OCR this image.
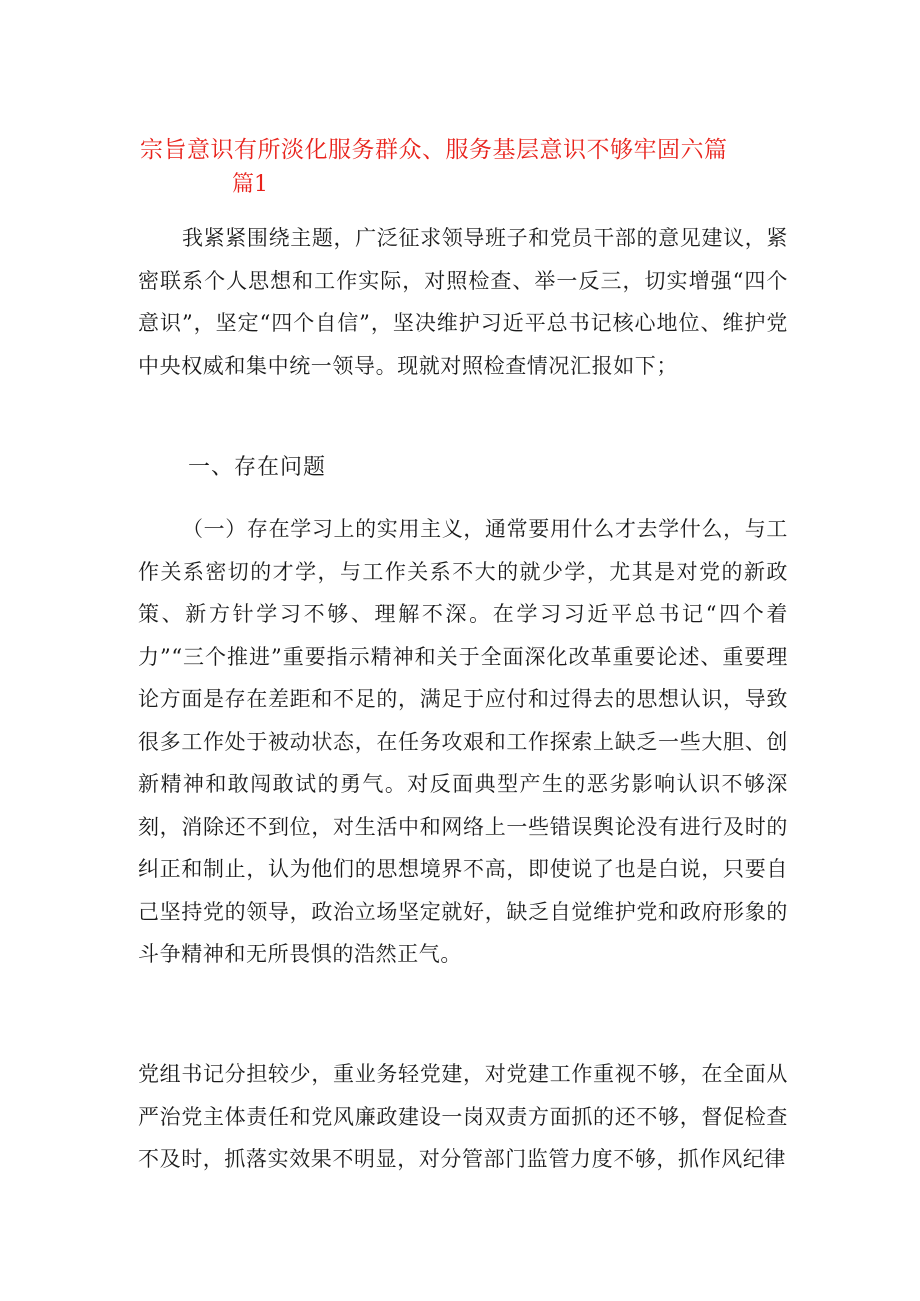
宗旨意识有所淡化服务群众、服务基层意识不够牢固六篇
篇1

我紧紧围绕主题，广泛征求领导班子和党员干部的意见建议，紧密联系个人思想和工作实际，对照检查、举一反三，切实增强“四个意识”，坚定“四个自信”，坚决维护习近平总书记核心地位、维护党中央权威和集中统一领导。现就对照检查情况汇报如下；

一、存在问题

（一）存在学习上的实用主义，通常要用什么才去学什么，与工作关系密切的才学，与工作关系不大的就少学，尤其是对党的新政策、新方针学习不够、理解不深。在学习习近平总书记“四个着力”“三个推进”重要指示精神和关于全面深化改革重要论述、重要理论方面是存在差距和不足的，满足于应付和过得去的思想认识，导致很多工作处于被动状态，在任务攻艰和工作探索上缺乏一些大胆、创新精神和敢闯敢试的勇气。对反面典型产生的恶劣影响认识不够深刻，消除还不到位，对生活中和网络上一些错误舆论没有进行及时的纠正和制止，认为他们的思想境界不高，即使说了也是白说，只要自己坚持党的领导，政治立场坚定就好，缺乏自觉维护党和政府形象的斗争精神和无所畏惧的浩然正气。

党组书记分担较少，重业务轻党建，对党建工作重视不够，在全面从严治党主体责任和党风廉政建设一岗双责方面抓的还不够，督促检查不及时，抓落实效果不明显，对分管部门监管力度不够，抓作风纪律
